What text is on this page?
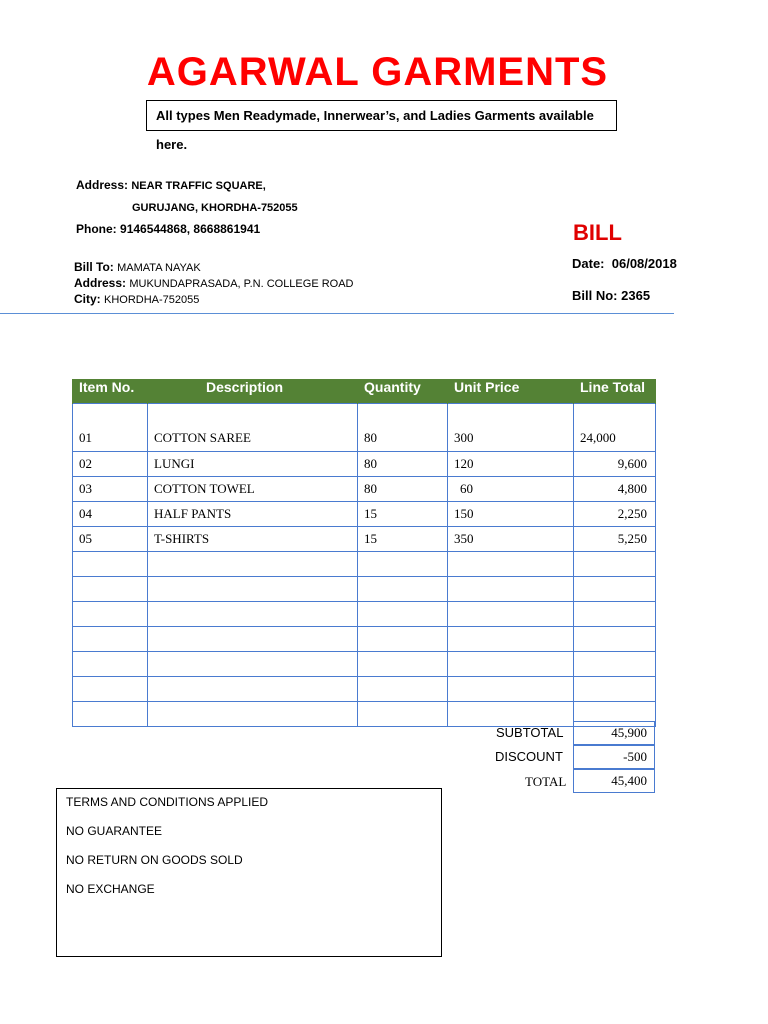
AGARWAL GARMENTS
All types Men Readymade, Innerwear’s, and Ladies Garments available here.
Address: NEAR TRAFFIC SQUARE,
GURUJANG, KHORDHA-752055
Phone: 9146544868, 8668861941	BILL
Date: 06/08/2018
Bill No: 2365
Bill To: MAMATA NAYAK
Address: MUKUNDAPRASADA, P.N. COLLEGE ROAD
City: KHORDHA-752055
Item No.	Description	Quantity	Unit Price	Line Total
01	COTTON SAREE	80	300	24,000
02	LUNGI	80	120	9,600
03	COTTON TOWEL	80	60	4,800
04	HALF PANTS	15	150	2,250
05	T-SHIRTS	15	350	5,250

SUBTOTAL	45,900
DISCOUNT	-500
TOTAL	45,400
TERMS AND CONDITIONS APPLIED
NO GUARANTEE
NO RETURN ON GOODS SOLD
NO EXCHANGE
